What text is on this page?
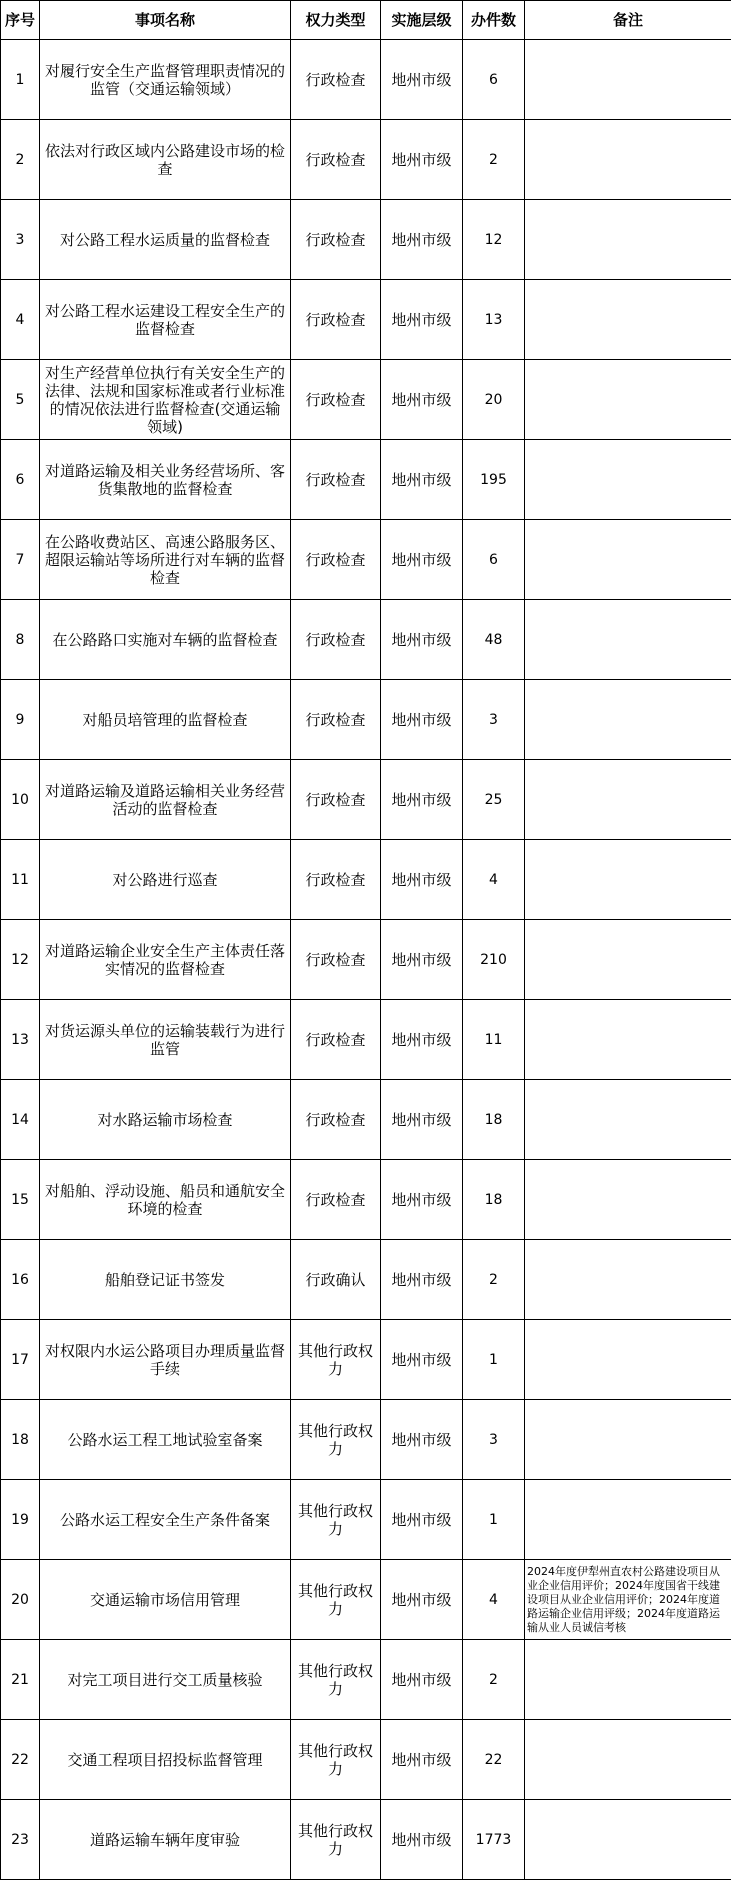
序号	事项名称	权力类型	实施层级	办件数	备注
1	对履行安全生产监督管理职责情况的监管（交通运输领域）	行政检查	地州市级	6	
2	依法对行政区域内公路建设市场的检查	行政检查	地州市级	2	
3	对公路工程水运质量的监督检查	行政检查	地州市级	12	
4	对公路工程水运建设工程安全生产的监督检查	行政检查	地州市级	13	
5	对生产经营单位执行有关安全生产的法律、法规和国家标准或者行业标准的情况依法进行监督检查(交通运输领域)	行政检查	地州市级	20	
6	对道路运输及相关业务经营场所、客货集散地的监督检查	行政检查	地州市级	195	
7	在公路收费站区、高速公路服务区、超限运输站等场所进行对车辆的监督检查	行政检查	地州市级	6	
8	在公路路口实施对车辆的监督检查	行政检查	地州市级	48	
9	对船员培管理的监督检查	行政检查	地州市级	3	
10	对道路运输及道路运输相关业务经营活动的监督检查	行政检查	地州市级	25	
11	对公路进行巡查	行政检查	地州市级	4	
12	对道路运输企业安全生产主体责任落实情况的监督检查	行政检查	地州市级	210	
13	对货运源头单位的运输装载行为进行监管	行政检查	地州市级	11	
14	对水路运输市场检查	行政检查	地州市级	18	
15	对船舶、浮动设施、船员和通航安全环境的检查	行政检查	地州市级	18	
16	船舶登记证书签发	行政确认	地州市级	2	
17	对权限内水运公路项目办理质量监督手续	其他行政权力	地州市级	1	
18	公路水运工程工地试验室备案	其他行政权力	地州市级	3	
19	公路水运工程安全生产条件备案	其他行政权力	地州市级	1	
20	交通运输市场信用管理	其他行政权力	地州市级	4	2024年度伊犁州直农村公路建设项目从业企业信用评价；2024年度国省干线建设项目从业企业信用评价；2024年度道路运输企业信用评级；2024年度道路运输从业人员诚信考核
21	对完工项目进行交工质量核验	其他行政权力	地州市级	2	
22	交通工程项目招投标监督管理	其他行政权力	地州市级	22	
23	道路运输车辆年度审验	其他行政权力	地州市级	1773	
